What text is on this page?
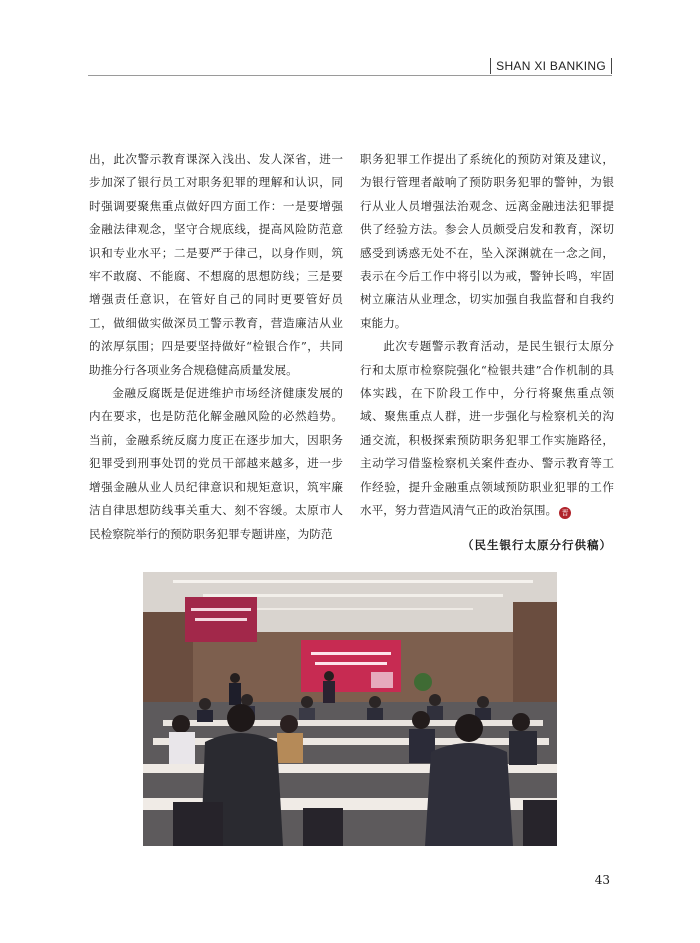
SHAN XI BANKING

出，此次警示教育课深入浅出、发人深省，进一步加深了银行员工对职务犯罪的理解和认识，同时强调要聚焦重点做好四方面工作：一是要增强金融法律观念，坚守合规底线，提高风险防范意识和专业水平；二是要严于律己，以身作则，筑牢不敢腐、不能腐、不想腐的思想防线；三是要增强责任意识，在管好自己的同时更要管好员工，做细做实做深员工警示教育，营造廉洁从业的浓厚氛围；四是要坚持做好“检银合作”，共同助推分行各项业务合规稳健高质量发展。

金融反腐既是促进维护市场经济健康发展的内在要求，也是防范化解金融风险的必然趋势。当前，金融系统反腐力度正在逐步加大，因职务犯罪受到刑事处罚的党员干部越来越多，进一步增强金融从业人员纪律意识和规矩意识，筑牢廉洁自律思想防线事关重大、刻不容缓。太原市人民检察院举行的预防职务犯罪专题讲座，为防范

职务犯罪工作提出了系统化的预防对策及建议，为银行管理者敲响了预防职务犯罪的警钟，为银行从业人员增强法治观念、远离金融违法犯罪提供了经验方法。参会人员颇受启发和教育，深切感受到诱惑无处不在，坠入深渊就在一念之间，表示在今后工作中将引以为戒，警钟长鸣，牢固树立廉洁从业理念，切实加强自我监督和自我约束能力。

此次专题警示教育活动，是民生银行太原分行和太原市检察院强化“检银共建”合作机制的具体实践，在下阶段工作中，分行将聚焦重点领域、聚焦重点人群，进一步强化与检察机关的沟通交流，积极探索预防职务犯罪工作实施路径，主动学习借鉴检察机关案件查办、警示教育等工作经验，提升金融重点领域预防职业犯罪的工作水平，努力营造风清气正的政治氛围。 晋

（民生银行太原分行供稿）
43
